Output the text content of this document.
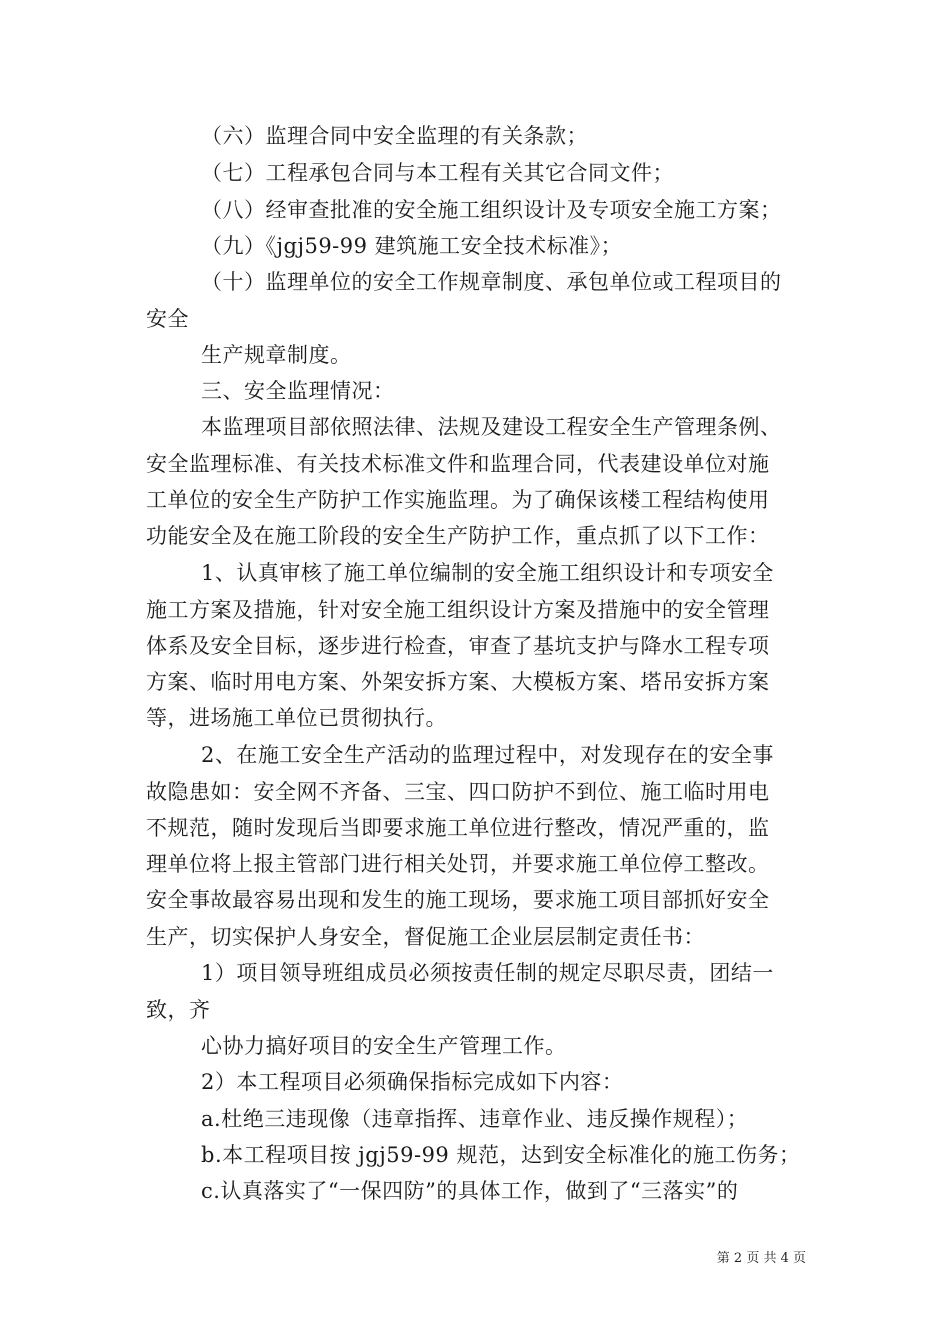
（六）监理合同中安全监理的有关条款；
（七）工程承包合同与本工程有关其它合同文件；
（八）经审查批准的安全施工组织设计及专项安全施工方案；
（九）《jgj59-99 建筑施工安全技术标准》；
（十）监理单位的安全工作规章制度、承包单位或工程项目的
安全
生产规章制度。
三、安全监理情况：
本监理项目部依照法律、法规及建设工程安全生产管理条例、
安全监理标准、有关技术标准文件和监理合同，代表建设单位对施
工单位的安全生产防护工作实施监理。为了确保该楼工程结构使用
功能安全及在施工阶段的安全生产防护工作，重点抓了以下工作：
1、认真审核了施工单位编制的安全施工组织设计和专项安全
施工方案及措施，针对安全施工组织设计方案及措施中的安全管理
体系及安全目标，逐步进行检查，审查了基坑支护与降水工程专项
方案、临时用电方案、外架安拆方案、大模板方案、塔吊安拆方案
等，进场施工单位已贯彻执行。
2、在施工安全生产活动的监理过程中，对发现存在的安全事
故隐患如：安全网不齐备、三宝、四口防护不到位、施工临时用电
不规范，随时发现后当即要求施工单位进行整改，情况严重的，监
理单位将上报主管部门进行相关处罚，并要求施工单位停工整改。
安全事故最容易出现和发生的施工现场，要求施工项目部抓好安全
生产，切实保护人身安全，督促施工企业层层制定责任书：
1）项目领导班组成员必须按责任制的规定尽职尽责，团结一
致，齐
心协力搞好项目的安全生产管理工作。
2）本工程项目必须确保指标完成如下内容：
a.杜绝三违现像（违章指挥、违章作业、违反操作规程）；
b.本工程项目按 jgj59-99 规范，达到安全标准化的施工伤务；
c.认真落实了“一保四防”的具体工作，做到了“三落实”的
第 2 页 共 4 页
